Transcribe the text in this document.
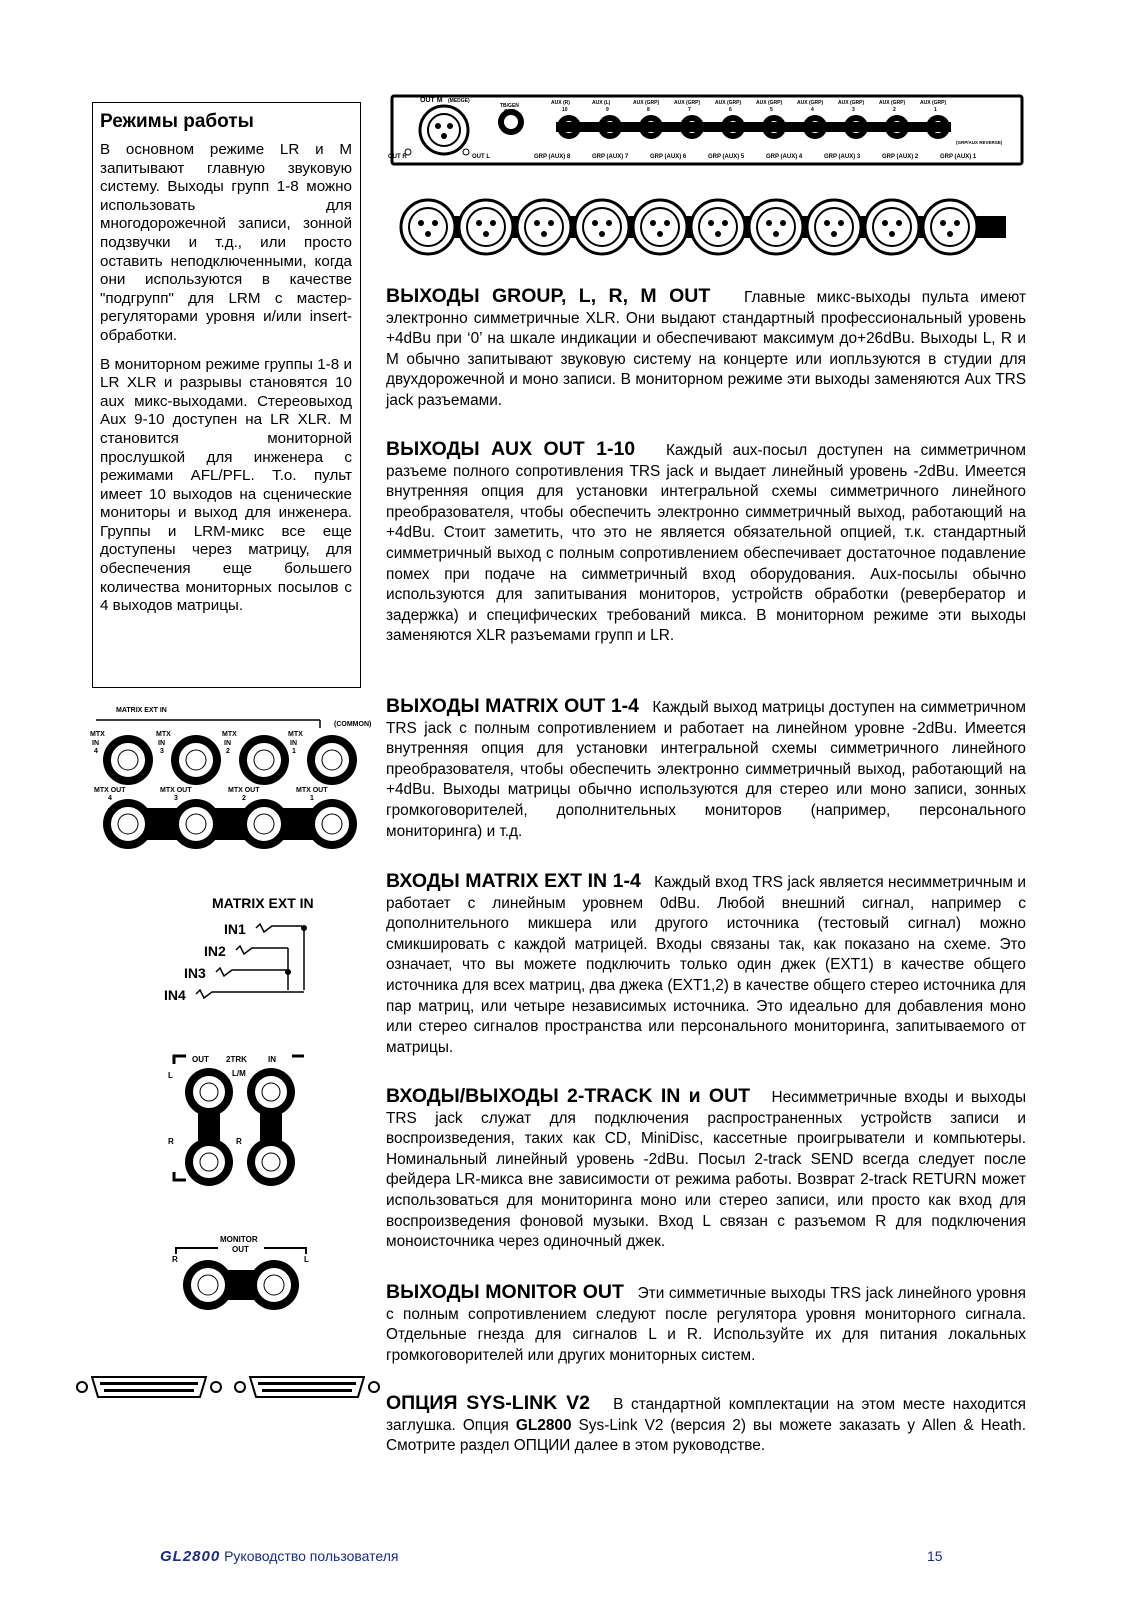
Режимы работы

В основном режиме LR и M запитывают главную звуковую систему. Выходы групп 1-8 можно использовать для многодорожечной записи, зонной подзвучки и т.д., или просто оставить неподключенными, когда они используются в качестве "подгрупп" для LRM с мастер-регуляторами уровня и/или insert-обработки.

В мониторном режиме группы 1-8 и LR XLR и разрывы становятся 10 aux микс-выходами. Стереовыход Aux 9-10 доступен на LR XLR. M становится мониторной прослушкой для инженера с режимами AFL/PFL. Т.о. пульт имеет 10 выходов на сценические мониторы и выход для инженера. Группы и LRM-микс все еще доступены через матрицу, для обеспечения еще большего количества мониторных посылов с 4 выходов матрицы.

OUT M (MEDGE)
TB/GEN
OUT
OUT R	OUT L
AUX (R)
10
AUX (L)
9
AUX (GRP)
8
AUX (GRP)
7
AUX (GRP)
6
AUX (GRP)
5
AUX (GRP)
4
AUX (GRP)
3
AUX (GRP)
2
AUX (GRP)
1
GRP (AUX) 8	GRP (AUX) 7	GRP (AUX) 6	GRP (AUX) 5	GRP (AUX) 4	GRP (AUX) 3	GRP (AUX) 2	GRP (AUX) 1
(GRP/AUX REVERSE)
MATRIX EXT IN
(COMMON)
MTX
IN
4
MTX
IN
3
MTX
IN
2
MTX
IN
1
MTX OUT
4
MTX OUT
3
MTX OUT
2
MTX OUT
1
MATRIX EXT IN
IN1
IN2
IN3
IN4
OUT 2TRK	IN
L/M
L
R	R
MONITOR
OUT
R	L
ВЫХОДЫ GROUP, L, R, M OUT Главные микс-выходы пульта имеют электронно симметричные XLR. Они выдают стандартный профессиональный уровень +4dBu при ‘0’ на шкале индикации и обеспечивают максимум до+26dBu. Выходы L, R и M обычно запитывают звуковую систему на концерте или иопльзуются в студии для двухдорожечной и моно записи. В мониторном режиме эти выходы заменяются Aux TRS jack разъемами.
ВЫХОДЫ AUX OUT 1-10 Каждый aux-посыл доступен на симметричном разъеме полного сопротивления TRS jack и выдает линейный уровень -2dBu. Имеется внутренняя опция для установки интегральной схемы симметричного линейного преобразователя, чтобы обеспечить электронно симметричный выход, работающий на +4dBu. Стоит заметить, что это не является обязательной опцией, т.к. стандартный симметричный выход с полным сопротивлением обеспечивает достаточное подавление помех при подаче на симметричный вход оборудования. Aux-посылы обычно используются для запитывания мониторов, устройств обработки (ревербератор и задержка) и специфических требований микса. В мониторном режиме эти выходы заменяются XLR разъемами групп и LR.
ВЫХОДЫ MATRIX OUT 1-4 Каждый выход матрицы доступен на симметричном TRS jack с полным сопротивлением и работает на линейном уровне -2dBu. Имеется внутренняя опция для установки интегральной схемы симметричного линейного преобразователя, чтобы обеспечить электронно симметричный выход, работающий на +4dBu. Выходы матрицы обычно используются для стерео или моно записи, зонных громкоговорителей, дополнительных мониторов (например, персонального мониторинга) и т.д.
ВХОДЫ MATRIX EXT IN 1-4 Каждый вход TRS jack является несимметричным и работает с линейным уровнем 0dBu. Любой внешний сигнал, например с дополнительного микшера или другого источника (тестовый сигнал) можно смикшировать с каждой матрицей. Входы связаны так, как показано на схеме. Это означает, что вы можете подключить только один джек (EXT1) в качестве общего источника для всех матриц, два джека (EXT1,2) в качестве общего стерео источника для пар матриц, или четыре независимых источника. Это идеально для добавления моно или стерео сигналов пространства или персонального мониторинга, запитываемого от матрицы.
ВХОДЫ/ВЫХОДЫ 2-TRACK IN и OUT Несимметричные входы и выходы TRS jack служат для подключения распространенных устройств записи и воспроизведения, таких как CD, MiniDisc, кассетные проигрыватели и компьютеры. Номинальный линейный уровень -2dBu. Посыл 2-track SEND всегда следует после фейдера LR-микса вне зависимости от режима работы. Возврат 2-track RETURN может использоваться для мониторинга моно или стерео записи, или просто как вход для воспроизведения фоновой музыки. Вход L связан с разъемом R для подключения моноисточника через одиночный джек.
ВЫХОДЫ MONITOR OUT Эти симметичные выходы TRS jack линейного уровня с полным сопротивлением следуют после регулятора уровня мониторного сигнала. Отдельные гнезда для сигналов L и R. Используйте их для питания локальных громкоговорителей или других мониторных систем.
ОПЦИЯ SYS-LINK V2 В стандартной комплектации на этом месте находится заглушка. Опция GL2800 Sys-Link V2 (версия 2) вы можете заказать у Allen & Heath. Смотрите раздел ОПЦИИ далее в этом руководстве.
GL2800 Руководство пользователя	15
